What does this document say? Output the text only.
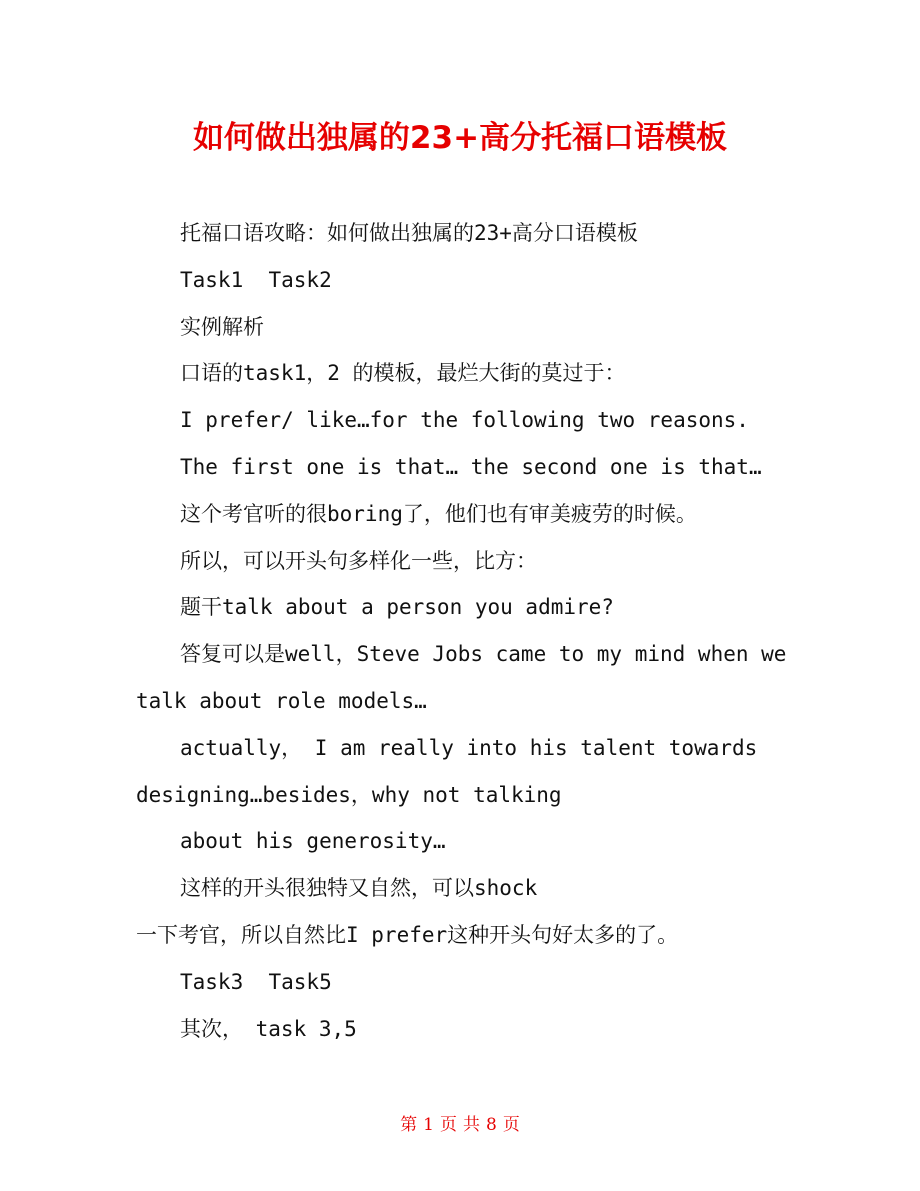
如何做出独属的23+高分托福口语模板

托福口语攻略：如何做出独属的23+高分口语模板

Task1  Task2

实例解析

口语的task1，2 的模板，最烂大街的莫过于：

I prefer/ like…for the following two reasons.

The first one is that… the second one is that…

这个考官听的很boring了，他们也有审美疲劳的时候。

所以，可以开头句多样化一些，比方：

题干talk about a person you admire?

答复可以是well，Steve Jobs came to my mind when we talk about role models…

actually， I am really into his talent towards designing…besides，why not talking

about his generosity…

这样的开头很独特又自然，可以shock

一下考官，所以自然比I prefer这种开头句好太多的了。

Task3  Task5

其次， task 3,5

第 1 页 共 8 页
